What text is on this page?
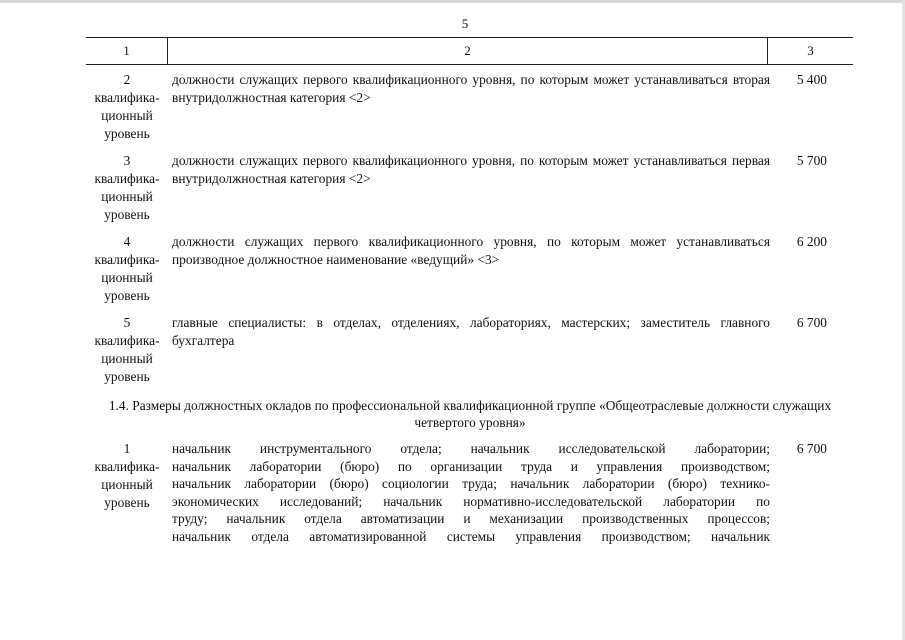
5
1	2	3
2
квалифика-
ционный
уровень
должности служащих первого квалификационного уровня, по которым может устанавливаться вторая внутридолжностная категория <2>
5 400
3
квалифика-
ционный
уровень
должности служащих первого квалификационного уровня, по которым может устанавливаться первая внутридолжностная категория <2>
5 700
4
квалифика-
ционный
уровень
должности служащих первого квалификационного уровня, по которым может устанавливаться производное должностное наименование «ведущий» <3>
6 200
5
квалифика-
ционный
уровень
главные специалисты: в отделах, отделениях, лабораториях, мастерских; заместитель главного бухгалтера
6 700
1.4. Размеры должностных окладов по профессиональной квалификационной группе «Общеотраслевые должности служащих четвертого уровня»
1
квалифика-
ционный
уровень
начальник инструментального отдела; начальник исследовательской лаборатории;
начальник лаборатории (бюро) по организации труда и управления производством;
начальник лаборатории (бюро) социологии труда; начальник лаборатории (бюро) технико-
экономических исследований; начальник нормативно-исследовательской лаборатории по
труду; начальник отдела автоматизации и механизации производственных процессов;
начальник отдела автоматизированной системы управления производством; начальник
6 700
